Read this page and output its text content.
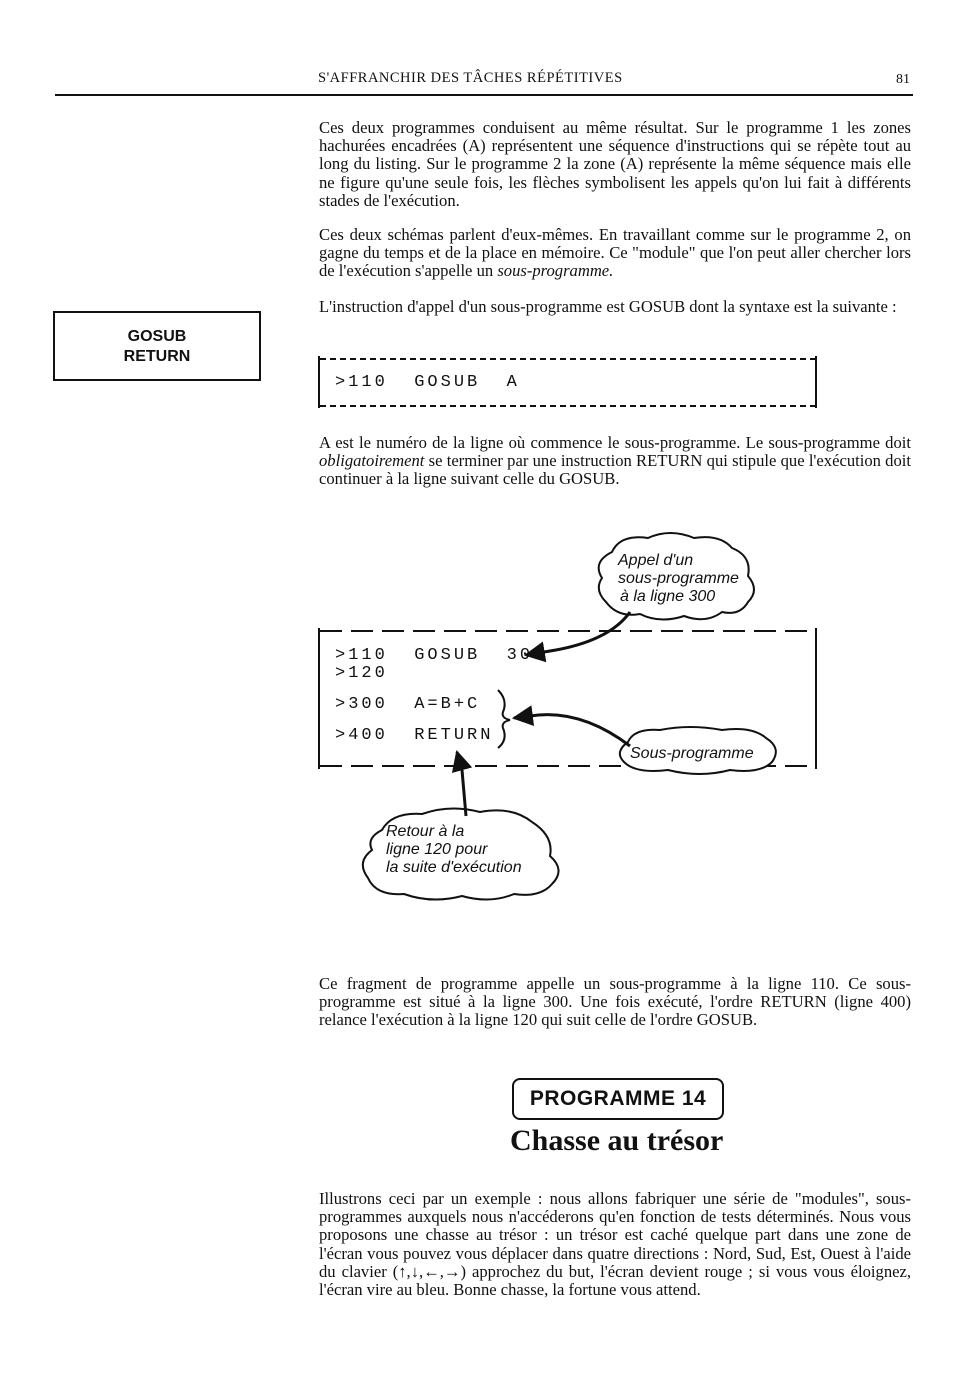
S'AFFRANCHIR DES TÂCHES RÉPÉTITIVES	81
Ces deux programmes conduisent au même résultat. Sur le programme 1 les zones hachurées encadrées (A) représentent une séquence d'instructions qui se répète tout au long du listing. Sur le programme 2 la zone (A) représente la même séquence mais elle ne figure qu'une seule fois, les flèches symbolisent les appels qu'on lui fait à différents stades de l'exécution.
Ces deux schémas parlent d'eux-mêmes. En travaillant comme sur le programme 2, on gagne du temps et de la place en mémoire. Ce "module" que l'on peut aller chercher lors de l'exécution s'appelle un sous-programme.
GOSUB
RETURN
L'instruction d'appel d'un sous-programme est GOSUB dont la syntaxe est la suivante :
>110  GOSUB  A
A est le numéro de la ligne où commence le sous-programme. Le sous-programme doit obligatoirement se terminer par une instruction RETURN qui stipule que l'exécution doit continuer à la ligne suivant celle du GOSUB.
>110  GOSUB  300
>120
>300  A=B+C
>400  RETURN
Appel d'un
sous-programme
à la ligne 300
Sous-programme
Retour à la
ligne 120 pour
la suite d'exécution
Ce fragment de programme appelle un sous-programme à la ligne 110. Ce sous-programme est situé à la ligne 300. Une fois exécuté, l'ordre RETURN (ligne 400) relance l'exécution à la ligne 120 qui suit celle de l'ordre GOSUB.
PROGRAMME 14
Chasse au trésor
Illustrons ceci par un exemple : nous allons fabriquer une série de "modules", sous-programmes auxquels nous n'accéderons qu'en fonction de tests déterminés. Nous vous proposons une chasse au trésor : un trésor est caché quelque part dans une zone de l'écran vous pouvez vous déplacer dans quatre directions : Nord, Sud, Est, Ouest à l'aide du clavier (↑,↓,←,→) approchez du but, l'écran devient rouge ; si vous vous éloignez, l'écran vire au bleu. Bonne chasse, la fortune vous attend.
